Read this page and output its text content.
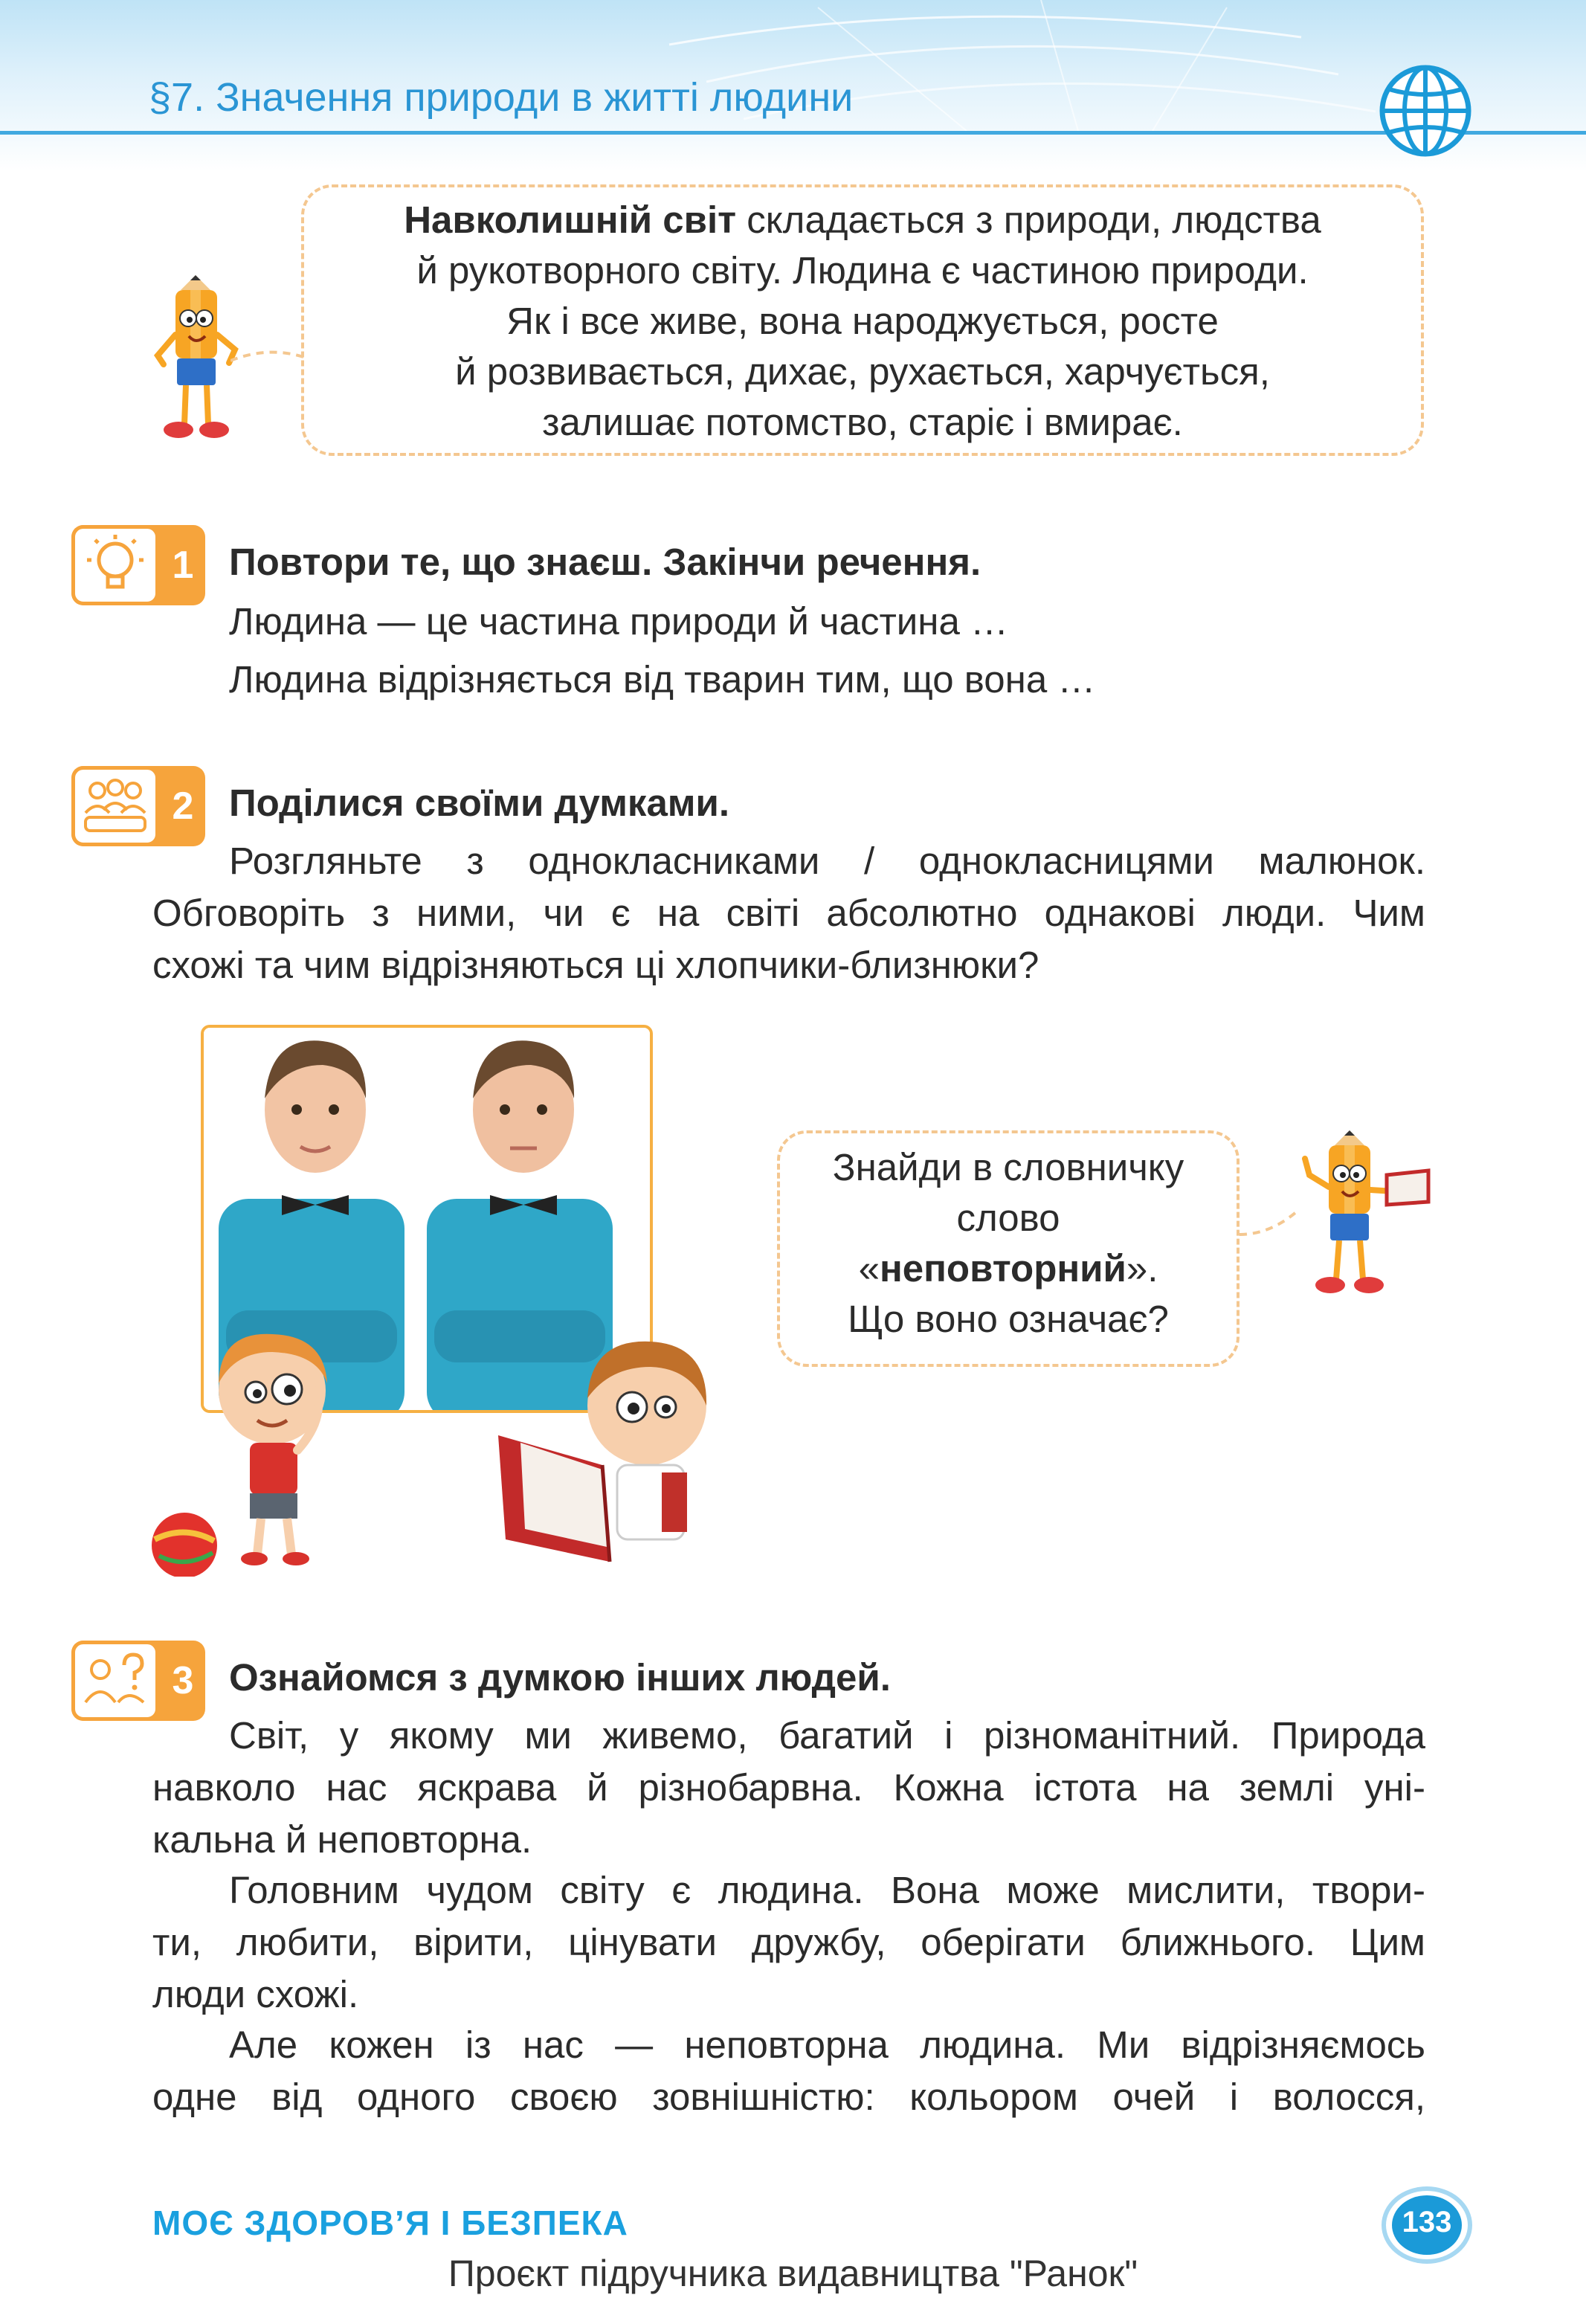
§7. Значення природи в житті людини
Навколишній світ складається з природи, людства
й рукотворного світу. Людина є частиною природи.
Як і все живе, вона народжується, росте
й розвивається, дихає, рухається, харчується,
залишає потомство, старіє і вмирає.
1 Повтори те, що знаєш. Закінчи речення.
Людина — це частина природи й частина …
Людина відрізняється від тварин тим, що вона …
2 Поділися своїми думками.
Розгляньте з однокласниками / однокласницями малюнок.
Обговоріть з ними, чи є на світі абсолютно однакові люди. Чим
схожі та чим відрізняються ці хлопчики-близнюки?
Знайди в словничку
слово
«неповторний».
Що воно означає?
3 Ознайомся з думкою інших людей.
Світ, у якому ми живемо, багатий і різноманітний. Природа
навколо нас яскрава й різнобарвна. Кожна істота на землі уні-
кальна й неповторна.
Головним чудом світу є людина. Вона може мислити, твори-
ти, любити, вірити, цінувати дружбу, оберігати ближнього. Цим
люди схожі.
Але кожен із нас — неповторна людина. Ми відрізняємось
одне від одного своєю зовнішністю: кольором очей і волосся,
МОЄ ЗДОРОВ’Я І БЕЗПЕКА	133
Проєкт підручника видавництва "Ранок"
